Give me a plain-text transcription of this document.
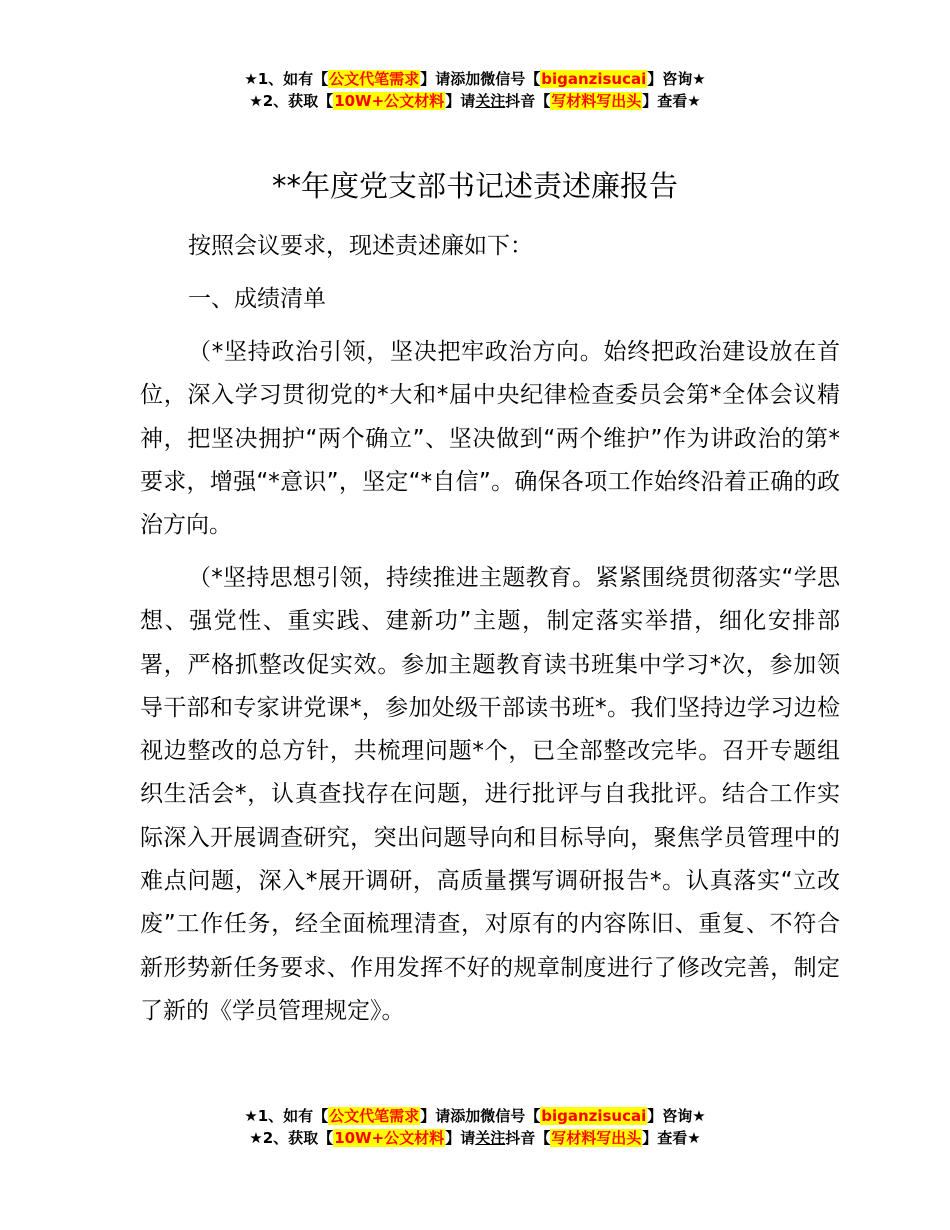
★1、如有【公文代笔需求】请添加微信号【biganzisucai】咨询★
★2、获取【10W+公文材料】请关注抖音【写材料写出头】查看★
**年度党支部书记述责述廉报告
按照会议要求，现述责述廉如下：
一、成绩清单
（*坚持政治引领，坚决把牢政治方向。始终把政治建设放在首位，深入学习贯彻党的*大和*届中央纪律检查委员会第*全体会议精神，把坚决拥护“两个确立”、坚决做到“两个维护”作为讲政治的第*要求，增强“*意识”，坚定“*自信”。确保各项工作始终沿着正确的政治方向。
（*坚持思想引领，持续推进主题教育。紧紧围绕贯彻落实“学思想、强党性、重实践、建新功”主题，制定落实举措，细化安排部署，严格抓整改促实效。参加主题教育读书班集中学习*次，参加领导干部和专家讲党课*，参加处级干部读书班*。我们坚持边学习边检视边整改的总方针，共梳理问题*个，已全部整改完毕。召开专题组织生活会*，认真查找存在问题，进行批评与自我批评。结合工作实际深入开展调查研究，突出问题导向和目标导向，聚焦学员管理中的难点问题，深入*展开调研，高质量撰写调研报告*。认真落实“立改废”工作任务，经全面梳理清查，对原有的内容陈旧、重复、不符合新形势新任务要求、作用发挥不好的规章制度进行了修改完善，制定了新的《学员管理规定》。
★1、如有【公文代笔需求】请添加微信号【biganzisucai】咨询★
★2、获取【10W+公文材料】请关注抖音【写材料写出头】查看★
